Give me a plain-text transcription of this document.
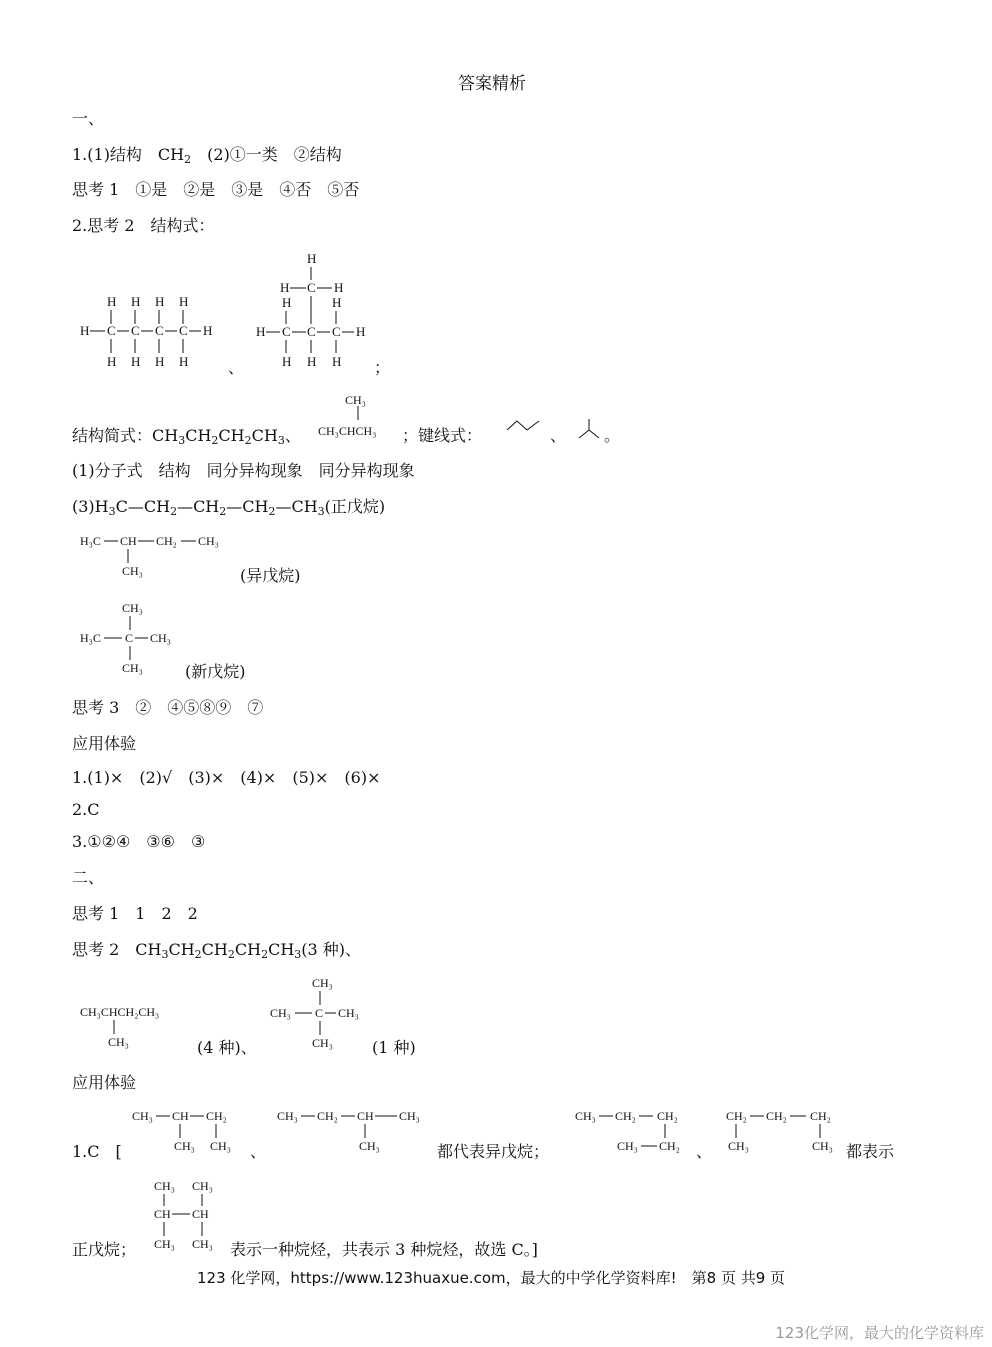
答案精析
一、
1.(1)结构　$CH_2$　(2)①一类　②结构
思考 1　①是　②是　③是　④否　⑤否
2.思考 2　结构式：
H H H H
H C C C C H
H H H H 、
H
H C H
H	H
H C C C H
H H H ；
结构简式：$CH_3CH_2CH_2CH_3$、
CH₃
CH₃CHCH₃ ；键线式：	、 。
(1)分子式　结构　同分异构现象　同分异构现象
$(3)H_3C—CH_2—CH_2—CH_2—CH_3$(正戊烷)
H₃C CH CH₂ CH₃
CH₃	(异戊烷)
CH₃
H₃C C CH₃
CH₃	(新戊烷)
思考 3　②　④⑤⑧⑨　⑦
应用体验
1.(1)×　(2)√　(3)×　(4)×　(5)×　(6)×
2.C
3.①②④　③⑥　③
二、
思考 1　1　2　2
思考 2　$CH_3CH_2CH_2CH_2CH_3(3$ 种)、
CH₃CHCH₂CH₃
CH₃	(4 种)、
CH₃
CH₃ C CH₃
CH₃ (1 种)
应用体验
1.C　[
CH₃ CH CH₂
CH₃ CH₃ 、
CH₃ CH₂ CH CH₃
CH₃	都代表异戊烷；
CH₃ CH₂ CH₂
CH₃ CH₂ 、
CH₂ CH₂ CH₂
CH₃	CH₃ 都表示
正戊烷；
CH₃ CH₃
CH CH
CH₃ CH₃ 表示一种烷烃，共表示 3 种烷烃，故选 C。]
123 化学网，https://www.123huaxue.com，最大的中学化学资料库!　第8 页 共9 页
123化学网，最大的化学资料库
